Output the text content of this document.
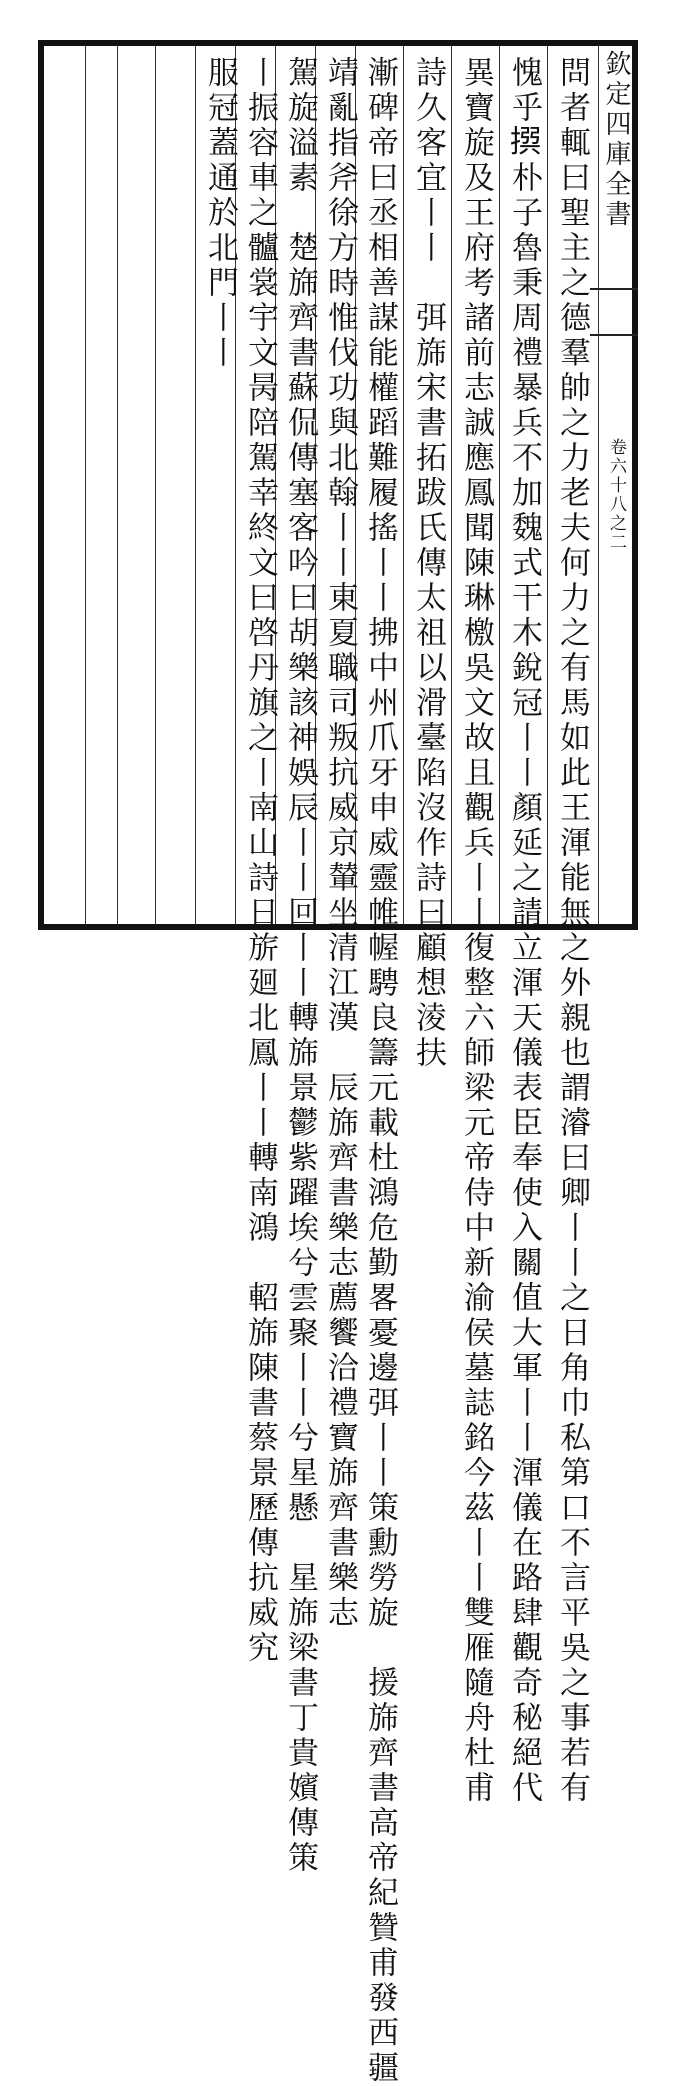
欽定四庫全書
卷六十八之二
問者輒曰聖主之德羣帥之力老夫何力之有馬如此王渾能無之外親也謂濬曰卿丨丨之日角巾私第口不言平吳之事若有
愧乎𢰅朴子魯秉周禮暴兵不加魏式干木銳冠丨丨顏延之請立渾天儀表臣奉使入關值大軍丨丨渾儀在路肆觀奇秘絕代
異寶旋及王府考諸前志誠應鳳聞陳琳檄吳文故且觀兵丨丨復整六師梁元帝侍中新渝侯墓誌銘今茲丨丨雙雁隨舟杜甫
詩久客宜丨丨　弭旆宋書拓跋氏傳太祖以滑臺陷沒作詩曰顧想淩扶
漸碑帝曰丞相善謀能權蹈難履搖丨丨拂中州爪牙申威靈帷幄騁良籌元載杜鴻危勤畧憂邊弭丨丨策勳勞旋　援旆齊書高帝紀贊甫發西疆
靖亂指斧徐方時惟伐功與北翰丨丨東夏職司叛抗威京輦坐清江漢　辰旆齊書樂志薦饗洽禮寶旆齊書樂志
駕旋溢素　楚旆齊書蘇侃傳塞客吟曰胡樂該神娛辰丨丨回丨丨轉旆景鬱紫躍埃兮雲聚丨丨兮星懸　星旆梁書丁貴嬪傳策
丨振容車之髗裳宇文昺陪駕幸終文曰啓丹旗之丨南山詩日旂廻北鳳丨丨轉南鴻　軺旆陳書蔡景歷傳抗威究
服冠蓋通於北門丨丨
